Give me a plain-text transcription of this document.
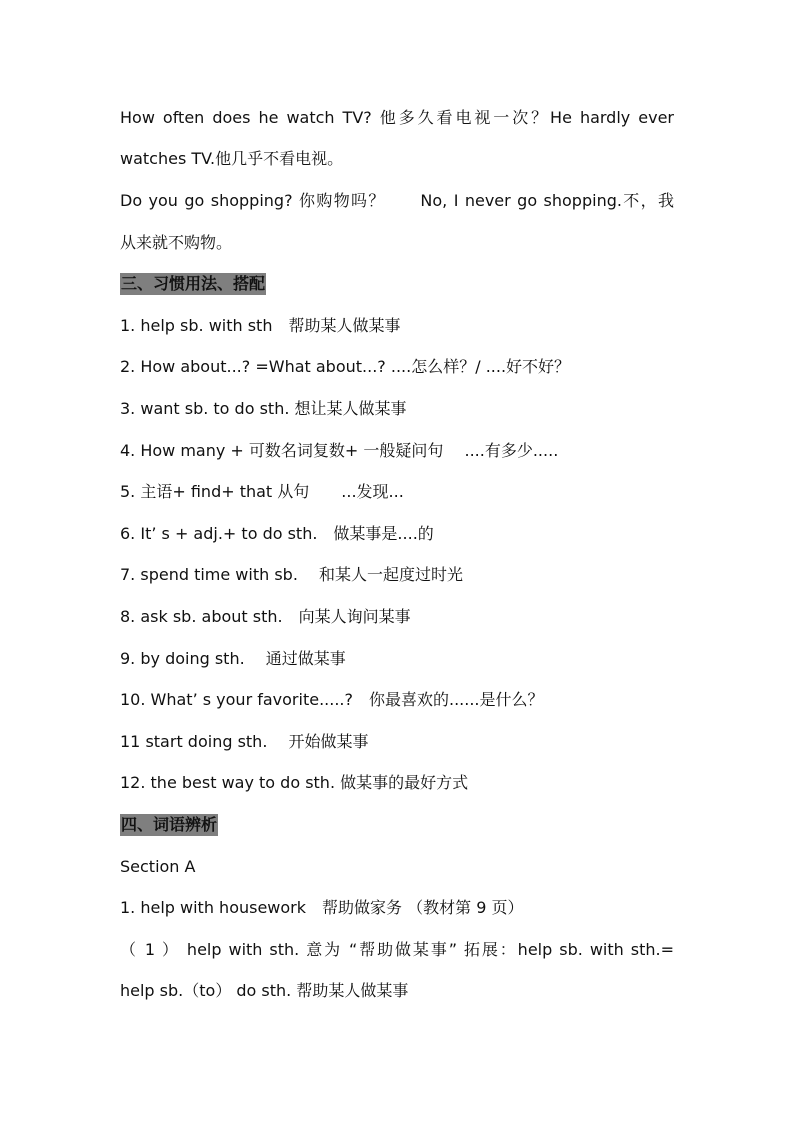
How often does he watch TV? 他多久看电视一次？He hardly ever
watches TV.他几乎不看电视。
Do you go shopping? 你购物吗？　　No, I never go shopping.不，我
从来就不购物。
三、习惯用法、搭配
1. help sb. with sth　帮助某人做某事
2. How about...? =What about...? ....怎么样？/ ....好不好？
3. want sb. to do sth. 想让某人做某事
4. How many + 可数名词复数+ 一般疑问句　 ....有多少.....
5. 主语+ find+ that 从句　　...发现...
6. It’ s + adj.+ to do sth.　做某事是....的
7. spend time with sb.　 和某人一起度过时光
8. ask sb. about sth.　向某人询问某事
9. by doing sth.　 通过做某事
10. What’ s your favorite.....?　你最喜欢的......是什么？
11 start doing sth.　 开始做某事
12. the best way to do sth. 做某事的最好方式
四、词语辨析
Section A
1. help with housework　帮助做家务 （教材第 9 页）
（ 1 ） help with sth. 意为 “帮助做某事” 拓展：help sb. with sth.=
help sb.（to） do sth. 帮助某人做某事
